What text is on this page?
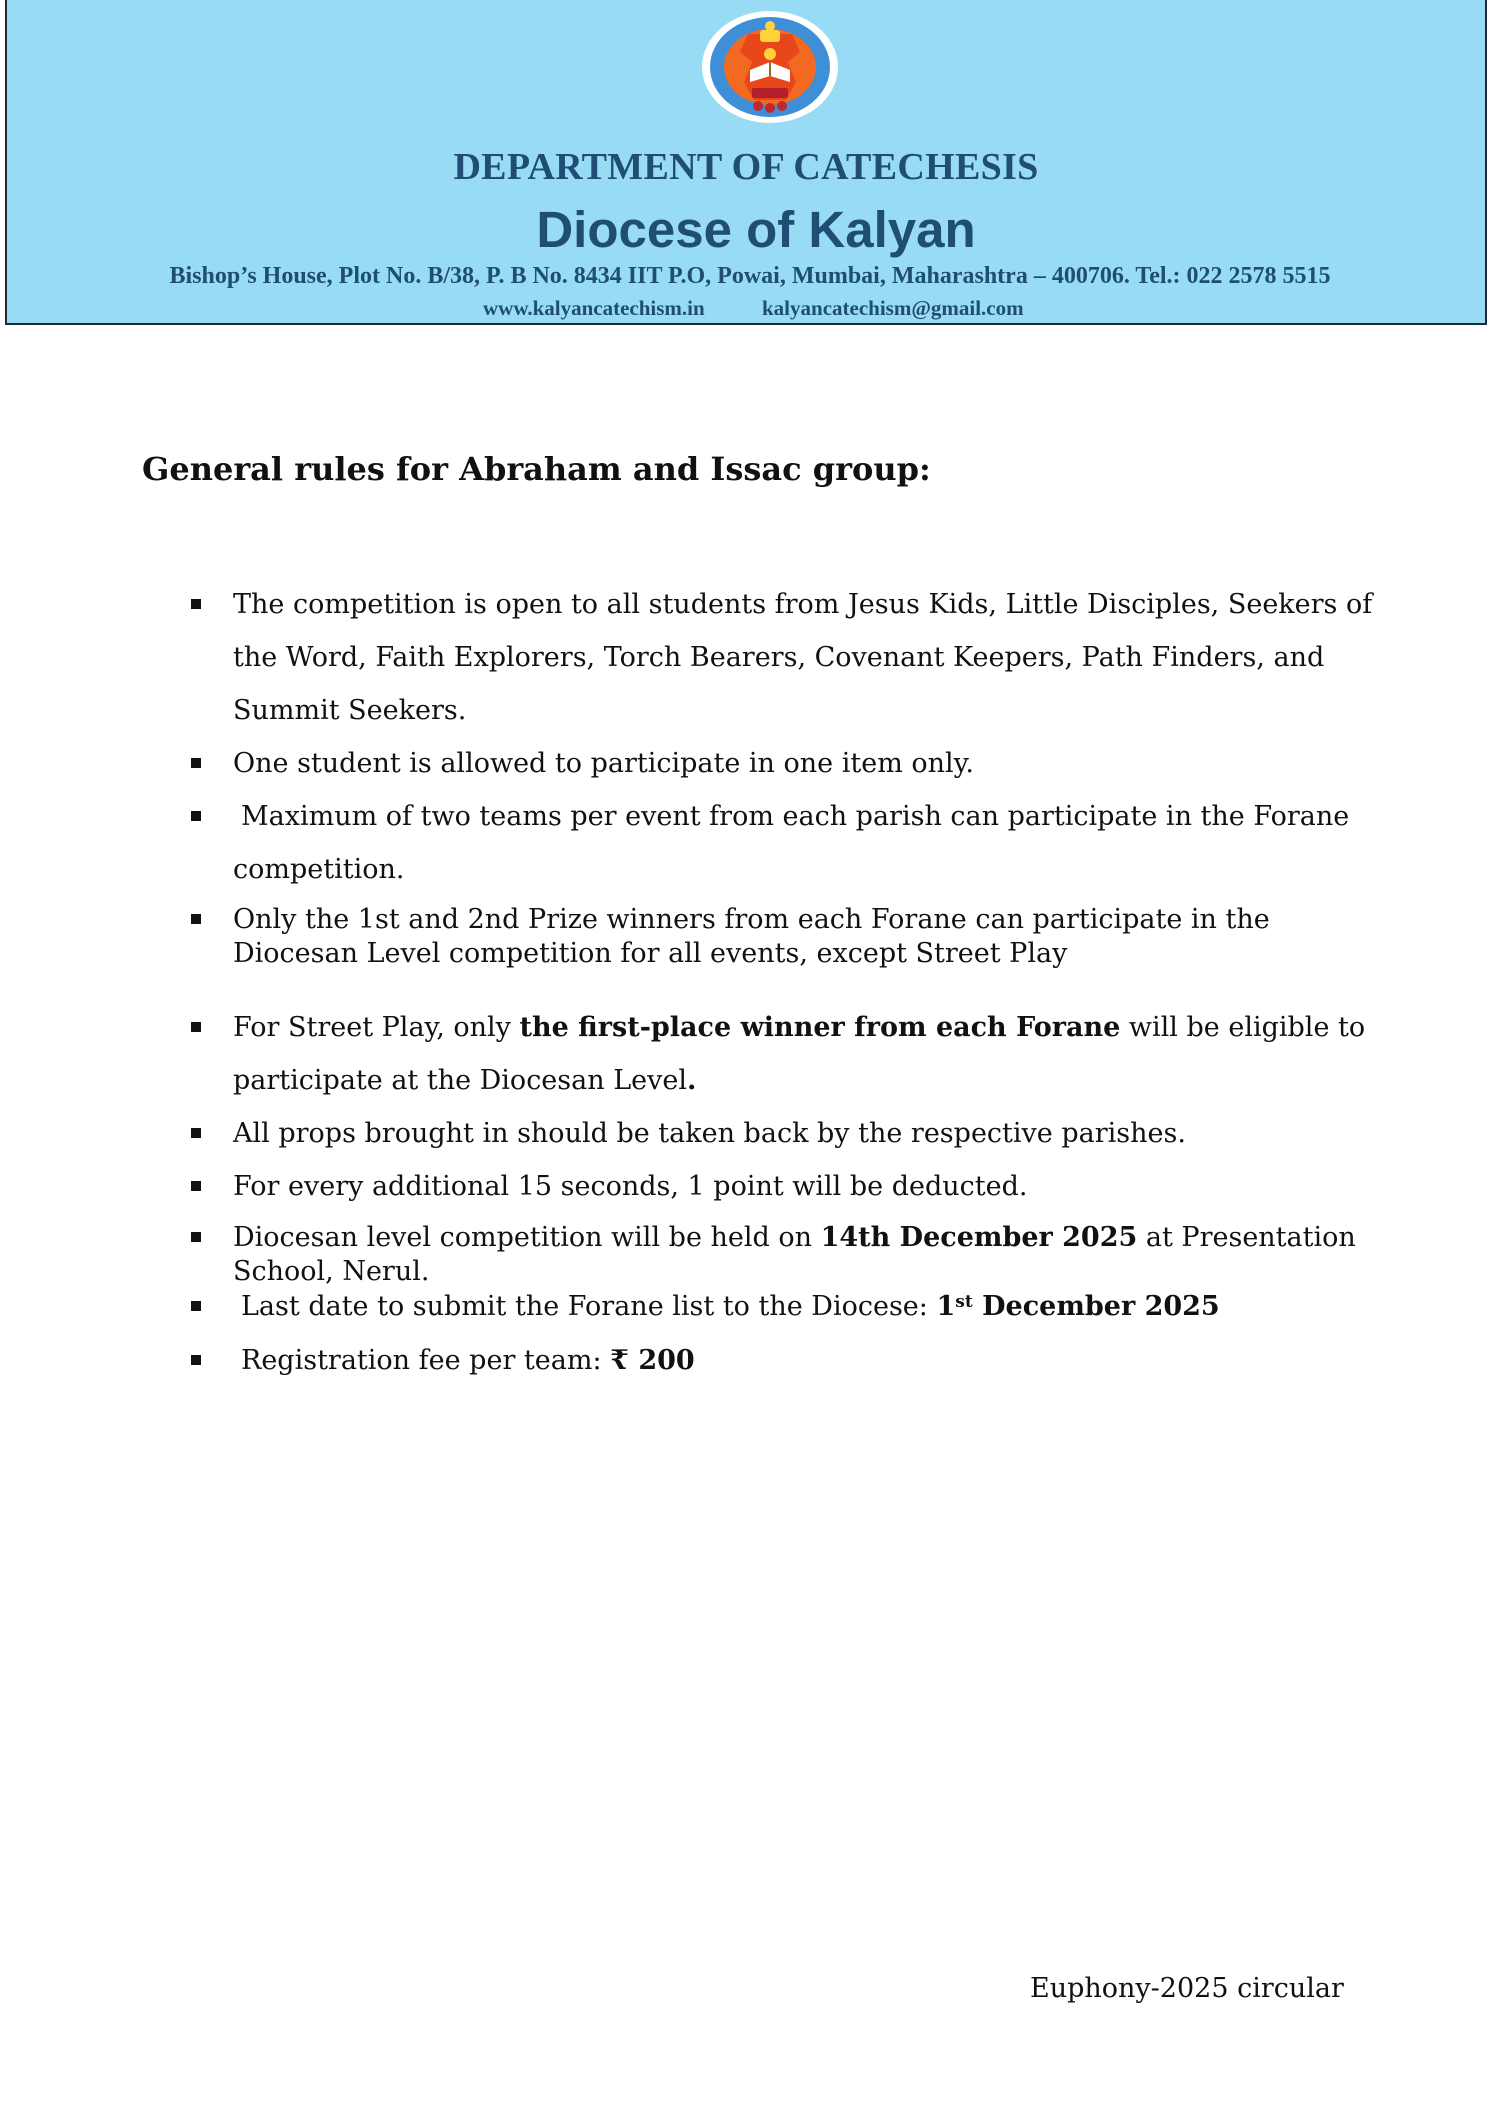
DEPARTMENT OF CATECHESIS
Diocese of Kalyan
Bishop’s House, Plot No. B/38, P. B No. 8434 IIT P.O, Powai, Mumbai, Maharashtra – 400706. Tel.: 022 2578 5515
www.kalyancatechism.in	kalyancatechism@gmail.com
General rules for Abraham and Issac group:
The competition is open to all students from Jesus Kids, Little Disciples, Seekers of the Word, Faith Explorers, Torch Bearers, Covenant Keepers, Path Finders, and Summit Seekers.
One student is allowed to participate in one item only.
Maximum of two teams per event from each parish can participate in the Forane competition.
Only the 1st and 2nd Prize winners from each Forane can participate in the Diocesan Level competition for all events, except Street Play
For Street Play, only the first-place winner from each Forane will be eligible to participate at the Diocesan Level.
All props brought in should be taken back by the respective parishes.
For every additional 15 seconds, 1 point will be deducted.
Diocesan level competition will be held on 14th December 2025 at Presentation School, Nerul.
Last date to submit the Forane list to the Diocese: 1st December 2025
Registration fee per team: ₹ 200
Euphony-2025 circular
